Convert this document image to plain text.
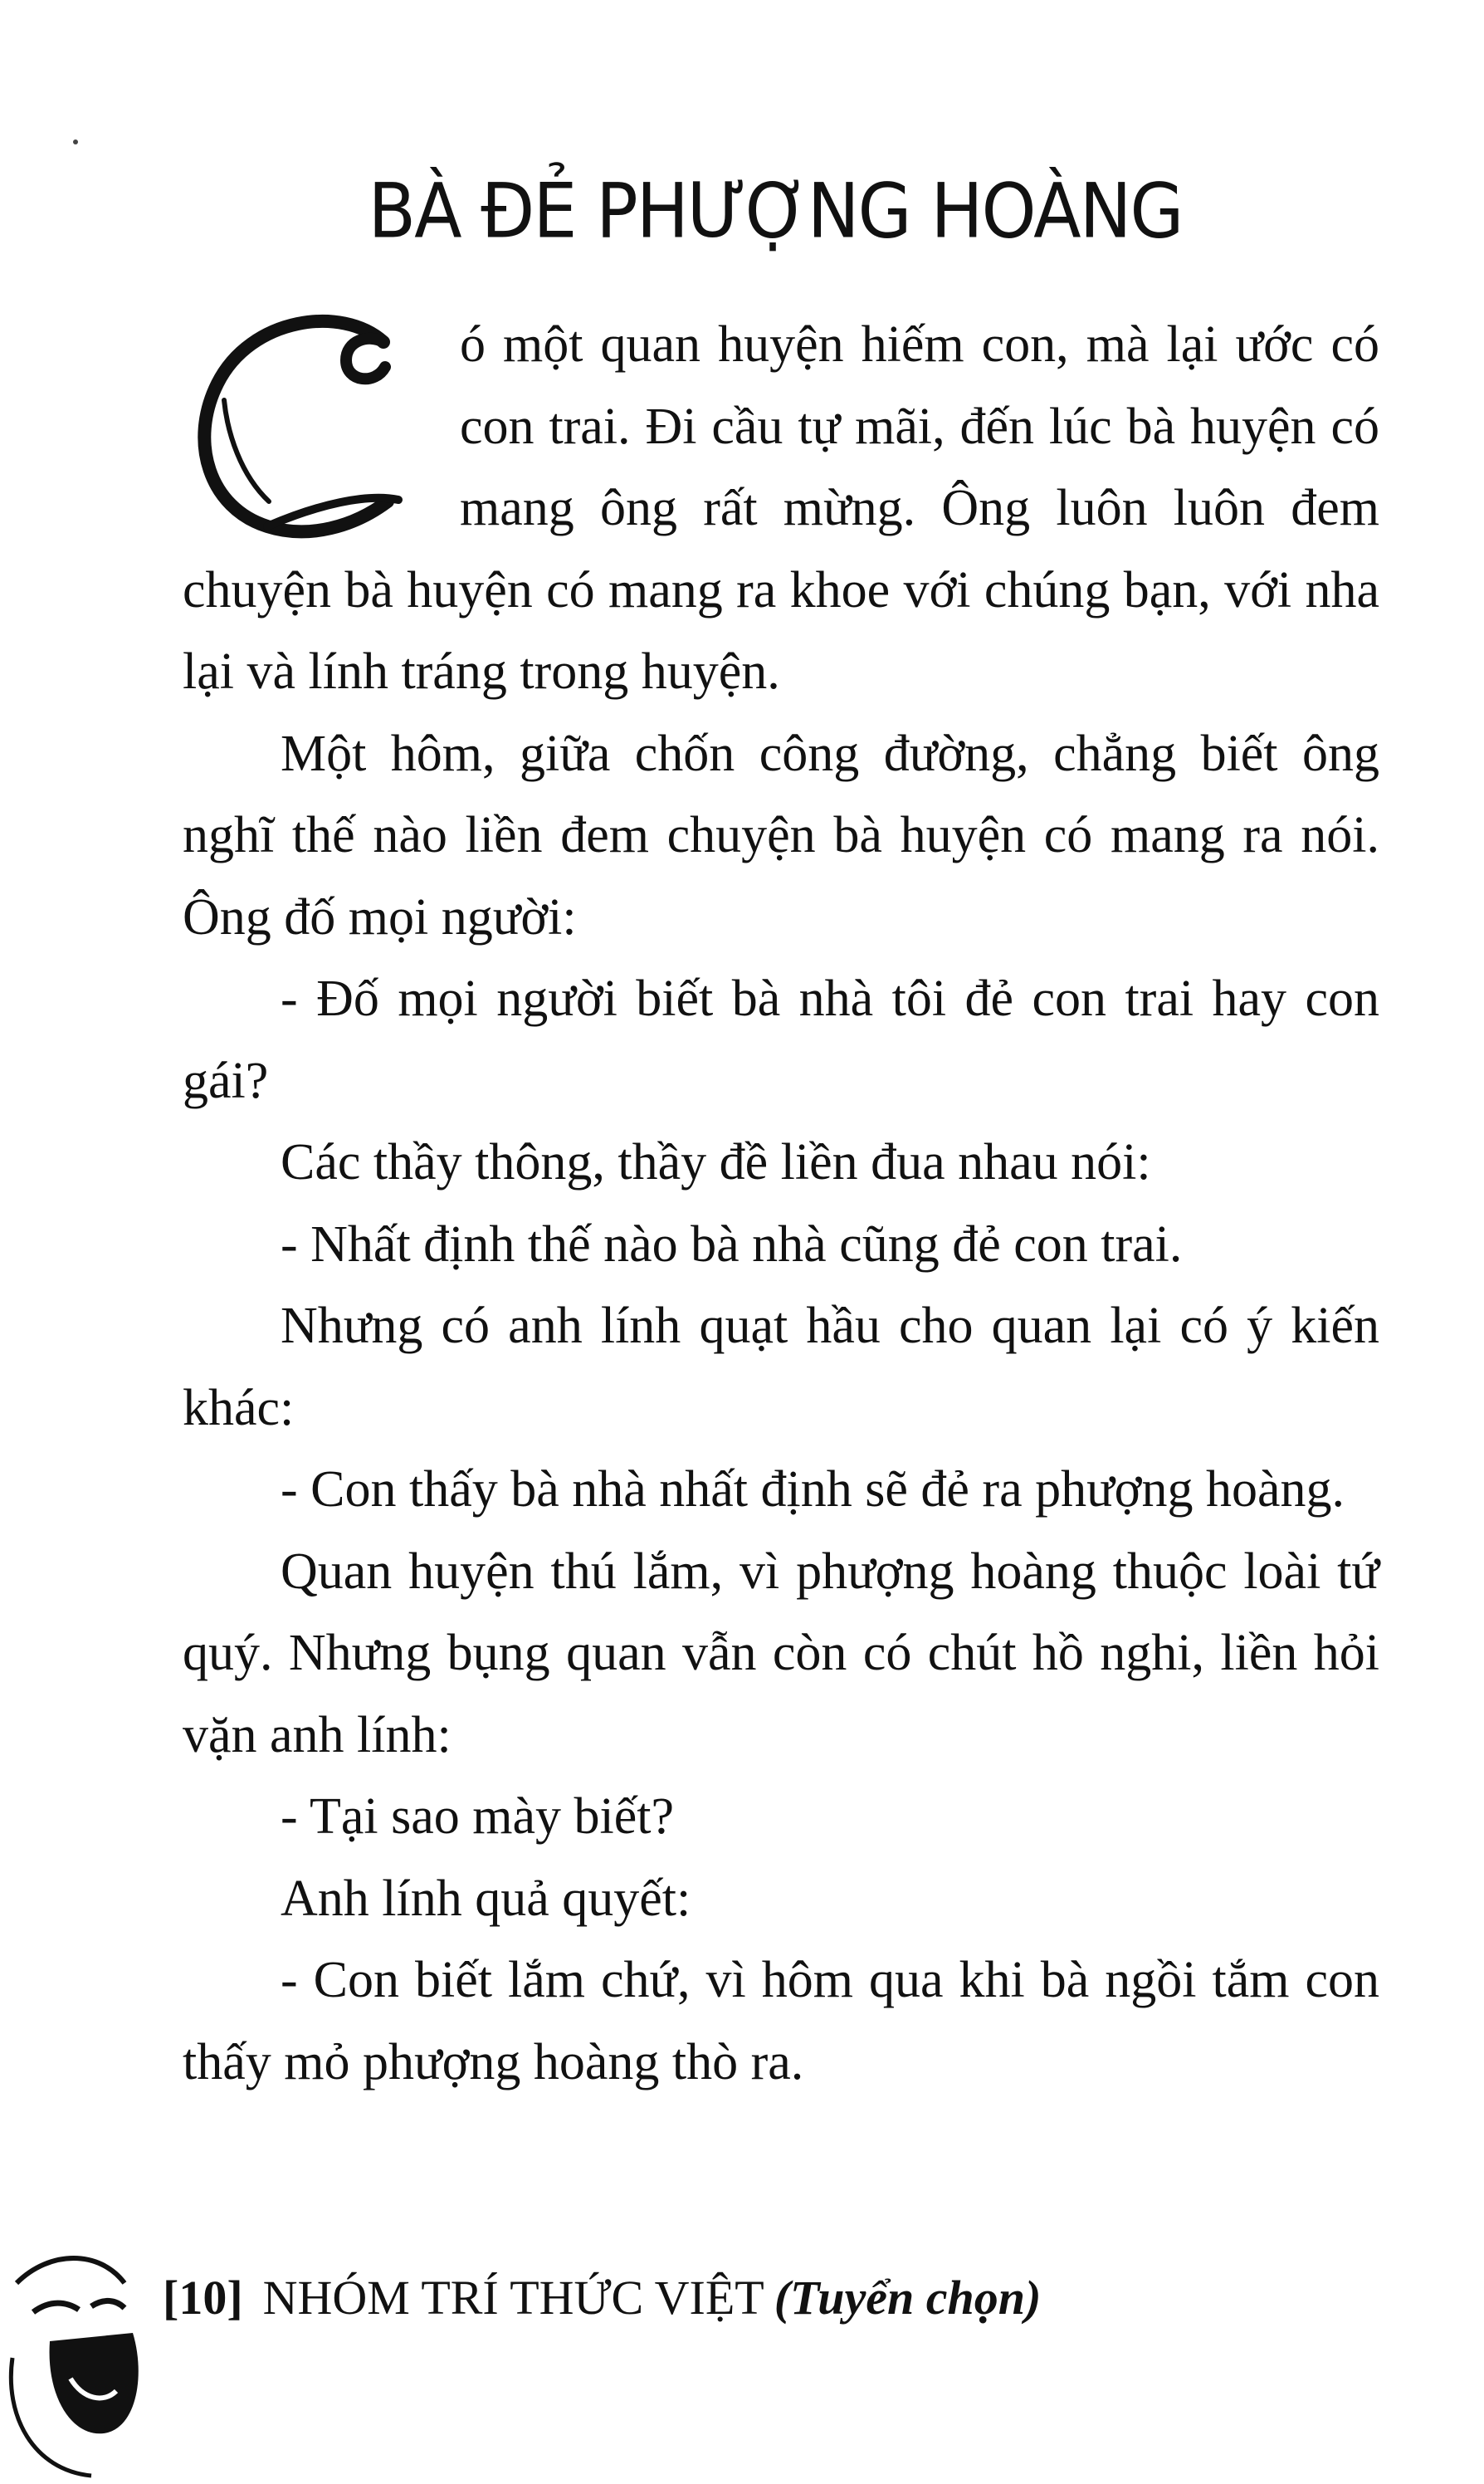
BÀ ĐẺ PHƯỢNG HOÀNG

ó một quan huyện hiếm con, mà lại ước có con trai. Đi cầu tự mãi, đến lúc bà huyện có mang ông rất mừng. Ông luôn luôn đem chuyện bà huyện có mang ra khoe với chúng bạn, với nha lại và lính tráng trong huyện.

Một hôm, giữa chốn công đường, chẳng biết ông nghĩ thế nào liền đem chuyện bà huyện có mang ra nói. Ông đố mọi người:

- Đố mọi người biết bà nhà tôi đẻ con trai hay con gái?

Các thầy thông, thầy đề liền đua nhau nói:

- Nhất định thế nào bà nhà cũng đẻ con trai.

Nhưng có anh lính quạt hầu cho quan lại có ý kiến khác:

- Con thấy bà nhà nhất định sẽ đẻ ra phượng hoàng.

Quan huyện thú lắm, vì phượng hoàng thuộc loài tứ quý. Nhưng bụng quan vẫn còn có chút hồ nghi, liền hỏi vặn anh lính:

- Tại sao mày biết?

Anh lính quả quyết:

- Con biết lắm chứ, vì hôm qua khi bà ngồi tắm con thấy mỏ phượng hoàng thò ra.

[10] NHÓM TRÍ THỨC VIỆT (Tuyển chọn)
